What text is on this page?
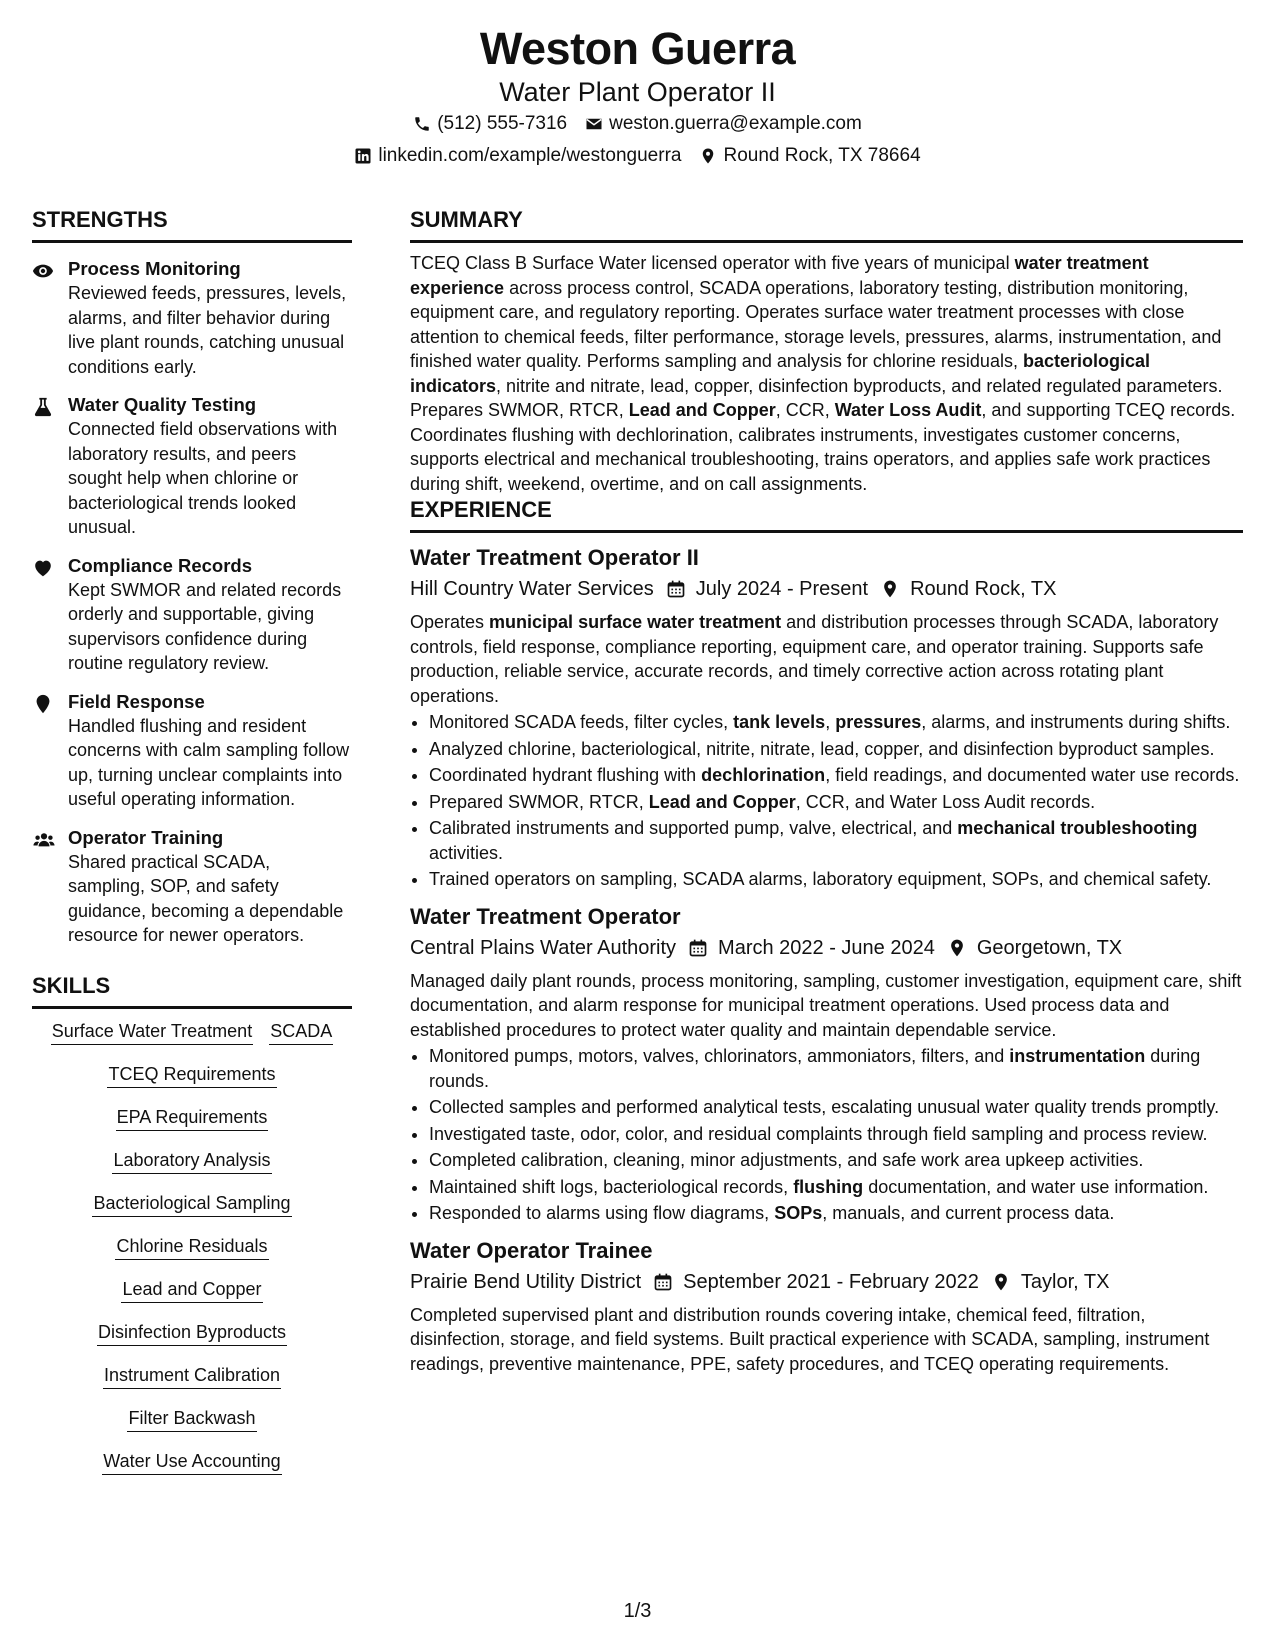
Weston Guerra
Water Plant Operator II
(512) 555-7316 weston.guerra@example.com
linkedin.com/example/westonguerra Round Rock, TX 78664
STRENGTHS
Process Monitoring
Reviewed feeds, pressures, levels, alarms, and filter behavior during live plant rounds, catching unusual conditions early.
Water Quality Testing
Connected field observations with laboratory results, and peers sought help when chlorine or bacteriological trends looked unusual.
Compliance Records
Kept SWMOR and related records orderly and supportable, giving supervisors confidence during routine regulatory review.
Field Response
Handled flushing and resident concerns with calm sampling follow up, turning unclear complaints into useful operating information.
Operator Training
Shared practical SCADA, sampling, SOP, and safety guidance, becoming a dependable resource for newer operators.
SKILLS
Surface Water Treatment SCADA
TCEQ Requirements
EPA Requirements
Laboratory Analysis
Bacteriological Sampling
Chlorine Residuals
Lead and Copper
Disinfection Byproducts
Instrument Calibration
Filter Backwash
Water Use Accounting
SUMMARY
TCEQ Class B Surface Water licensed operator with five years of municipal water treatment experience across process control, SCADA operations, laboratory testing, distribution monitoring, equipment care, and regulatory reporting. Operates surface water treatment processes with close attention to chemical feeds, filter performance, storage levels, pressures, alarms, instrumentation, and finished water quality. Performs sampling and analysis for chlorine residuals, bacteriological indicators, nitrite and nitrate, lead, copper, disinfection byproducts, and related regulated parameters. Prepares SWMOR, RTCR, Lead and Copper, CCR, Water Loss Audit, and supporting TCEQ records. Coordinates flushing with dechlorination, calibrates instruments, investigates customer concerns, supports electrical and mechanical troubleshooting, trains operators, and applies safe work practices during shift, weekend, overtime, and on call assignments.
EXPERIENCE
Water Treatment Operator II
Hill Country Water Services July 2024 - Present Round Rock, TX
Operates municipal surface water treatment and distribution processes through SCADA, laboratory controls, field response, compliance reporting, equipment care, and operator training. Supports safe production, reliable service, accurate records, and timely corrective action across rotating plant operations.
• Monitored SCADA feeds, filter cycles, tank levels, pressures, alarms, and instruments during shifts.
• Analyzed chlorine, bacteriological, nitrite, nitrate, lead, copper, and disinfection byproduct samples.
• Coordinated hydrant flushing with dechlorination, field readings, and documented water use records.
• Prepared SWMOR, RTCR, Lead and Copper, CCR, and Water Loss Audit records.
• Calibrated instruments and supported pump, valve, electrical, and mechanical troubleshooting activities.
• Trained operators on sampling, SCADA alarms, laboratory equipment, SOPs, and chemical safety.
Water Treatment Operator
Central Plains Water Authority March 2022 - June 2024 Georgetown, TX
Managed daily plant rounds, process monitoring, sampling, customer investigation, equipment care, shift documentation, and alarm response for municipal treatment operations. Used process data and established procedures to protect water quality and maintain dependable service.
• Monitored pumps, motors, valves, chlorinators, ammoniators, filters, and instrumentation during rounds.
• Collected samples and performed analytical tests, escalating unusual water quality trends promptly.
• Investigated taste, odor, color, and residual complaints through field sampling and process review.
• Completed calibration, cleaning, minor adjustments, and safe work area upkeep activities.
• Maintained shift logs, bacteriological records, flushing documentation, and water use information.
• Responded to alarms using flow diagrams, SOPs, manuals, and current process data.
Water Operator Trainee
Prairie Bend Utility District September 2021 - February 2022 Taylor, TX
Completed supervised plant and distribution rounds covering intake, chemical feed, filtration, disinfection, storage, and field systems. Built practical experience with SCADA, sampling, instrument readings, preventive maintenance, PPE, safety procedures, and TCEQ operating requirements.
1/3
